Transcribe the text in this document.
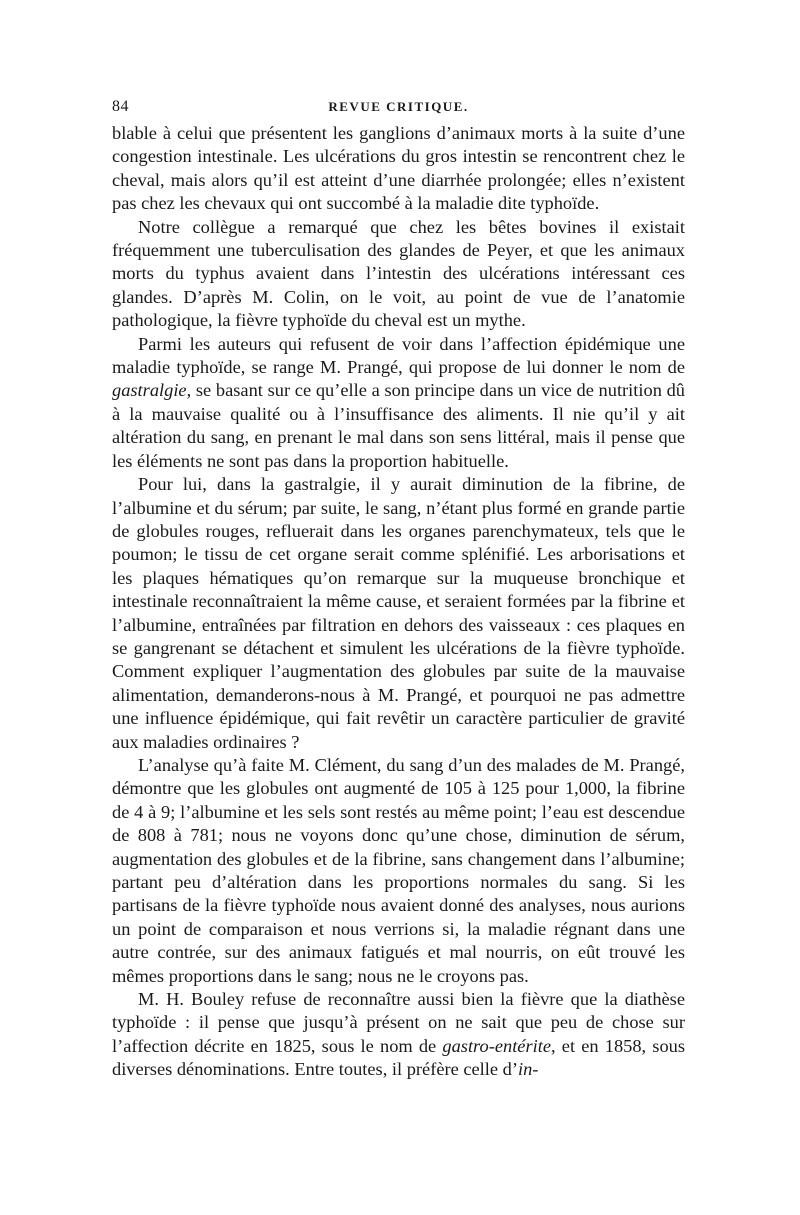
84	REVUE CRITIQUE.

blable à celui que présentent les ganglions d’animaux morts à la suite d’une congestion intestinale. Les ulcérations du gros intestin se rencontrent chez le cheval, mais alors qu’il est atteint d’une diarrhée prolongée; elles n’existent pas chez les chevaux qui ont succombé à la maladie dite typhoïde.

Notre collègue a remarqué que chez les bêtes bovines il existait fréquemment une tuberculisation des glandes de Peyer, et que les animaux morts du typhus avaient dans l’intestin des ulcérations intéressant ces glandes. D’après M. Colin, on le voit, au point de vue de l’anatomie pathologique, la fièvre typhoïde du cheval est un mythe.

Parmi les auteurs qui refusent de voir dans l’affection épidémique une maladie typhoïde, se range M. Prangé, qui propose de lui donner le nom de gastralgie, se basant sur ce qu’elle a son principe dans un vice de nutrition dû à la mauvaise qualité ou à l’insuffisance des aliments. Il nie qu’il y ait altération du sang, en prenant le mal dans son sens littéral, mais il pense que les éléments ne sont pas dans la proportion habituelle.

Pour lui, dans la gastralgie, il y aurait diminution de la fibrine, de l’albumine et du sérum; par suite, le sang, n’étant plus formé en grande partie de globules rouges, refluerait dans les organes parenchymateux, tels que le poumon; le tissu de cet organe serait comme splénifié. Les arborisations et les plaques hématiques qu’on remarque sur la muqueuse bronchique et intestinale reconnaîtraient la même cause, et seraient formées par la fibrine et l’albumine, entraînées par filtration en dehors des vaisseaux : ces plaques en se gangrenant se détachent et simulent les ulcérations de la fièvre typhoïde. Comment expliquer l’augmentation des globules par suite de la mauvaise alimentation, demanderons-nous à M. Prangé, et pourquoi ne pas admettre une influence épidémique, qui fait revêtir un caractère particulier de gravité aux maladies ordinaires ?

L’analyse qu’à faite M. Clément, du sang d’un des malades de M. Prangé, démontre que les globules ont augmenté de 105 à 125 pour 1,000, la fibrine de 4 à 9; l’albumine et les sels sont restés au même point; l’eau est descendue de 808 à 781; nous ne voyons donc qu’une chose, diminution de sérum, augmentation des globules et de la fibrine, sans changement dans l’albumine; partant peu d’altération dans les proportions normales du sang. Si les partisans de la fièvre typhoïde nous avaient donné des analyses, nous aurions un point de comparaison et nous verrions si, la maladie régnant dans une autre contrée, sur des animaux fatigués et mal nourris, on eût trouvé les mêmes proportions dans le sang; nous ne le croyons pas.

M. H. Bouley refuse de reconnaître aussi bien la fièvre que la diathèse typhoïde : il pense que jusqu’à présent on ne sait que peu de chose sur l’affection décrite en 1825, sous le nom de gastro-entérite, et en 1858, sous diverses dénominations. Entre toutes, il préfère celle d’in-
